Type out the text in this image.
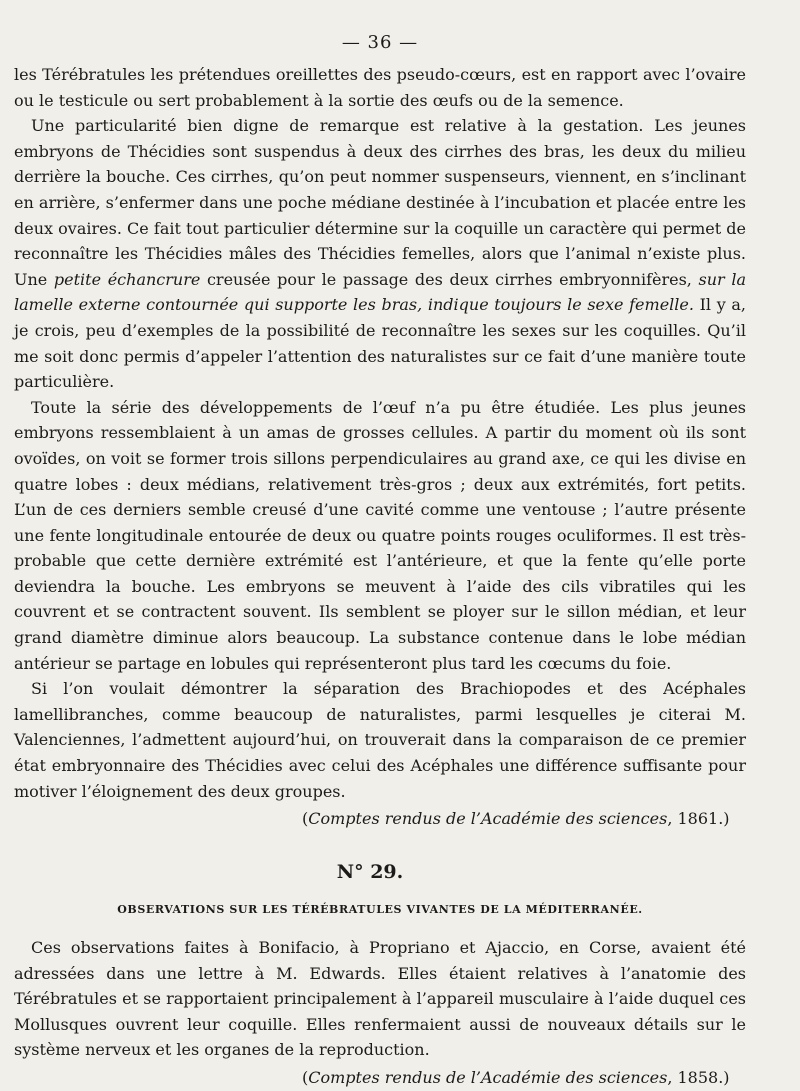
— 36 —

les Térébratules les prétendues oreillettes des pseudo-cœurs, est en rapport avec l’ovaire ou le testicule ou sert probablement à la sortie des œufs ou de la semence.

Une particularité bien digne de remarque est relative à la gestation. Les jeunes embryons de Thécidies sont suspendus à deux des cirrhes des bras, les deux du milieu derrière la bouche. Ces cirrhes, qu’on peut nommer suspenseurs, viennent, en s’inclinant en arrière, s’enfermer dans une poche médiane destinée à l’incubation et placée entre les deux ovaires. Ce fait tout particulier détermine sur la coquille un caractère qui permet de reconnaître les Thécidies mâles des Thécidies femelles, alors que l’animal n’existe plus. Une petite échancrure creusée pour le passage des deux cirrhes embryonnifères, sur la lamelle externe contournée qui supporte les bras, indique toujours le sexe femelle. Il y a, je crois, peu d’exemples de la possibilité de reconnaître les sexes sur les coquilles. Qu’il me soit donc permis d’appeler l’attention des naturalistes sur ce fait d’une manière toute particulière.

Toute la série des développements de l’œuf n’a pu être étudiée. Les plus jeunes embryons ressemblaient à un amas de grosses cellules. A partir du moment où ils sont ovoïdes, on voit se former trois sillons perpendiculaires au grand axe, ce qui les divise en quatre lobes : deux médians, relativement très-gros ; deux aux extrémités, fort petits. L’un de ces derniers semble creusé d’une cavité comme une ventouse ; l’autre présente une fente longitudinale entourée de deux ou quatre points rouges oculiformes. Il est très-probable que cette dernière extrémité est l’antérieure, et que la fente qu’elle porte deviendra la bouche. Les embryons se meuvent à l’aide des cils vibratiles qui les couvrent et se contractent souvent. Ils semblent se ployer sur le sillon médian, et leur grand diamètre diminue alors beaucoup. La substance contenue dans le lobe médian antérieur se partage en lobules qui représenteront plus tard les cœcums du foie.

Si l’on voulait démontrer la séparation des Brachiopodes et des Acéphales lamellibranches, comme beaucoup de naturalistes, parmi lesquelles je citerai M. Valenciennes, l’admettent aujourd’hui, on trouverait dans la comparaison de ce premier état embryonnaire des Thécidies avec celui des Acéphales une différence suffisante pour motiver l’éloignement des deux groupes.

(Comptes rendus de l’Académie des sciences, 1861.)

N° 29.

OBSERVATIONS SUR LES TÉRÉBRATULES VIVANTES DE LA MÉDITERRANÉE.

Ces observations faites à Bonifacio, à Propriano et Ajaccio, en Corse, avaient été adressées dans une lettre à M. Edwards. Elles étaient relatives à l’anatomie des Térébratules et se rapportaient principalement à l’appareil musculaire à l’aide duquel ces Mollusques ouvrent leur coquille. Elles renfermaient aussi de nouveaux détails sur le système nerveux et les organes de la reproduction.

(Comptes rendus de l’Académie des sciences, 1858.)
